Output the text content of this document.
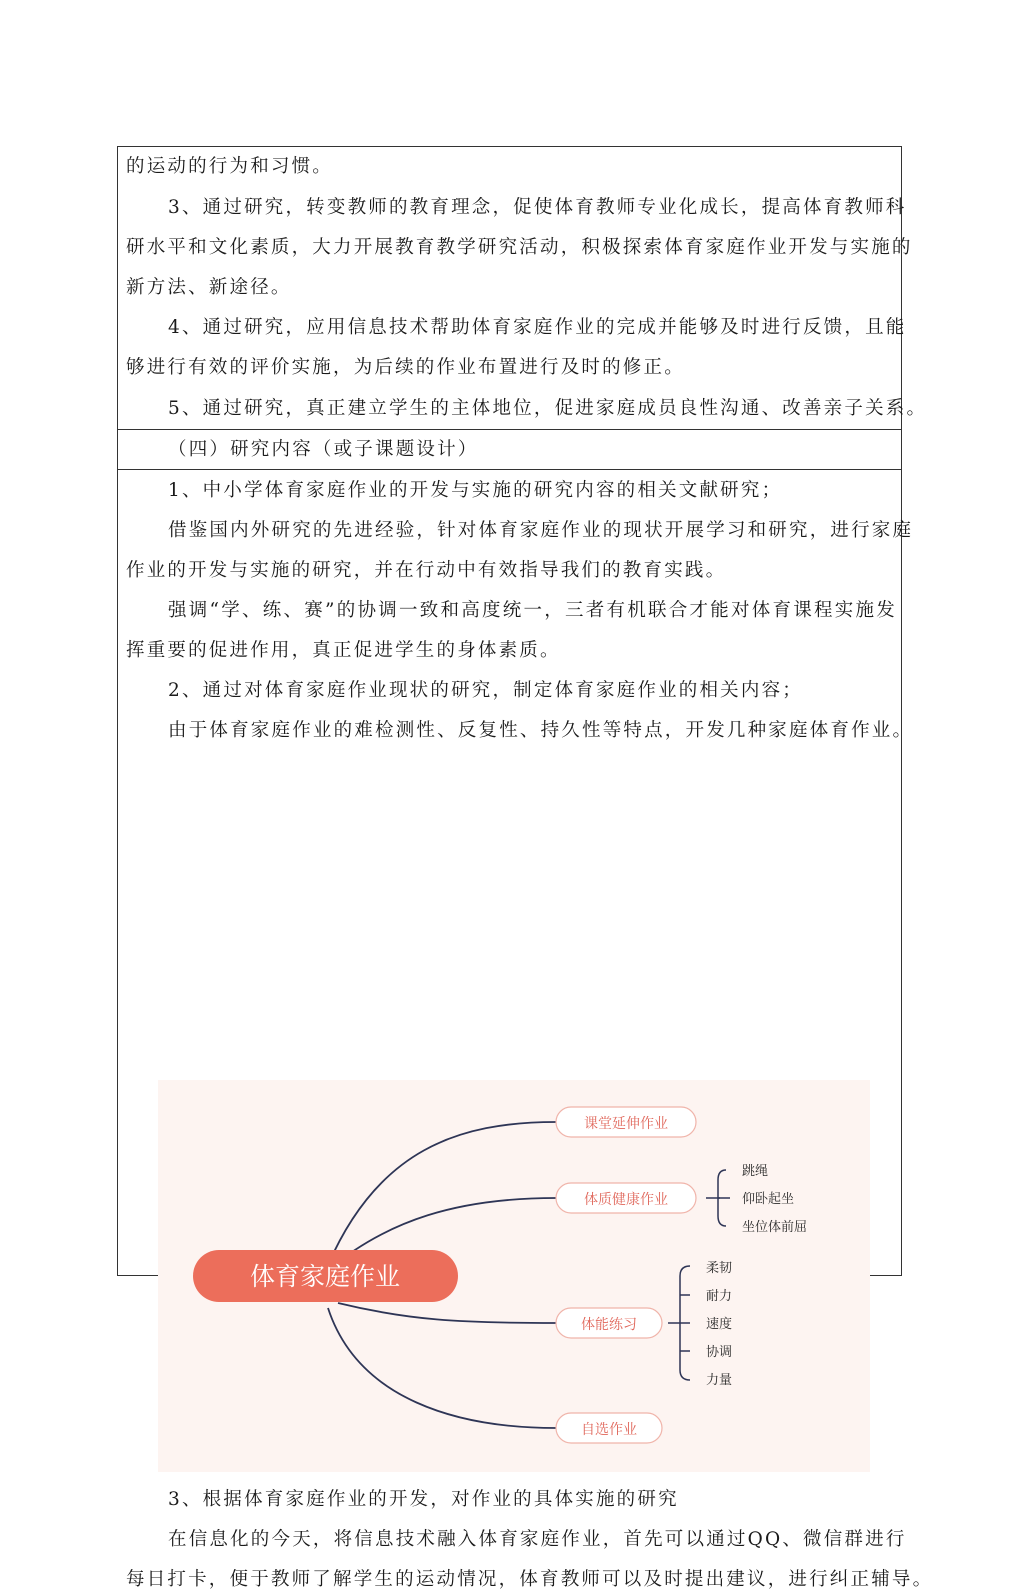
的运动的行为和习惯。
3、通过研究，转变教师的教育理念，促使体育教师专业化成长，提高体育教师科
研水平和文化素质，大力开展教育教学研究活动，积极探索体育家庭作业开发与实施的
新方法、新途径。
4、通过研究，应用信息技术帮助体育家庭作业的完成并能够及时进行反馈，且能
够进行有效的评价实施，为后续的作业布置进行及时的修正。
5、通过研究，真正建立学生的主体地位，促进家庭成员良性沟通、改善亲子关系。
（四）研究内容（或子课题设计）
1、中小学体育家庭作业的开发与实施的研究内容的相关文献研究；
借鉴国内外研究的先进经验，针对体育家庭作业的现状开展学习和研究，进行家庭
作业的开发与实施的研究，并在行动中有效指导我们的教育实践。
强调“学、练、赛”的协调一致和高度统一，三者有机联合才能对体育课程实施发
挥重要的促进作用，真正促进学生的身体素质。
2、通过对体育家庭作业现状的研究，制定体育家庭作业的相关内容；
由于体育家庭作业的难检测性、反复性、持久性等特点，开发几种家庭体育作业。
体育家庭作业
课堂延伸作业
体质健康作业
体能练习
自选作业
跳绳
仰卧起坐
坐位体前屈
柔韧
耐力
速度
协调
力量
3、根据体育家庭作业的开发，对作业的具体实施的研究
在信息化的今天，将信息技术融入体育家庭作业，首先可以通过QQ、微信群进行
每日打卡，便于教师了解学生的运动情况，体育教师可以及时提出建议，进行纠正辅导。
